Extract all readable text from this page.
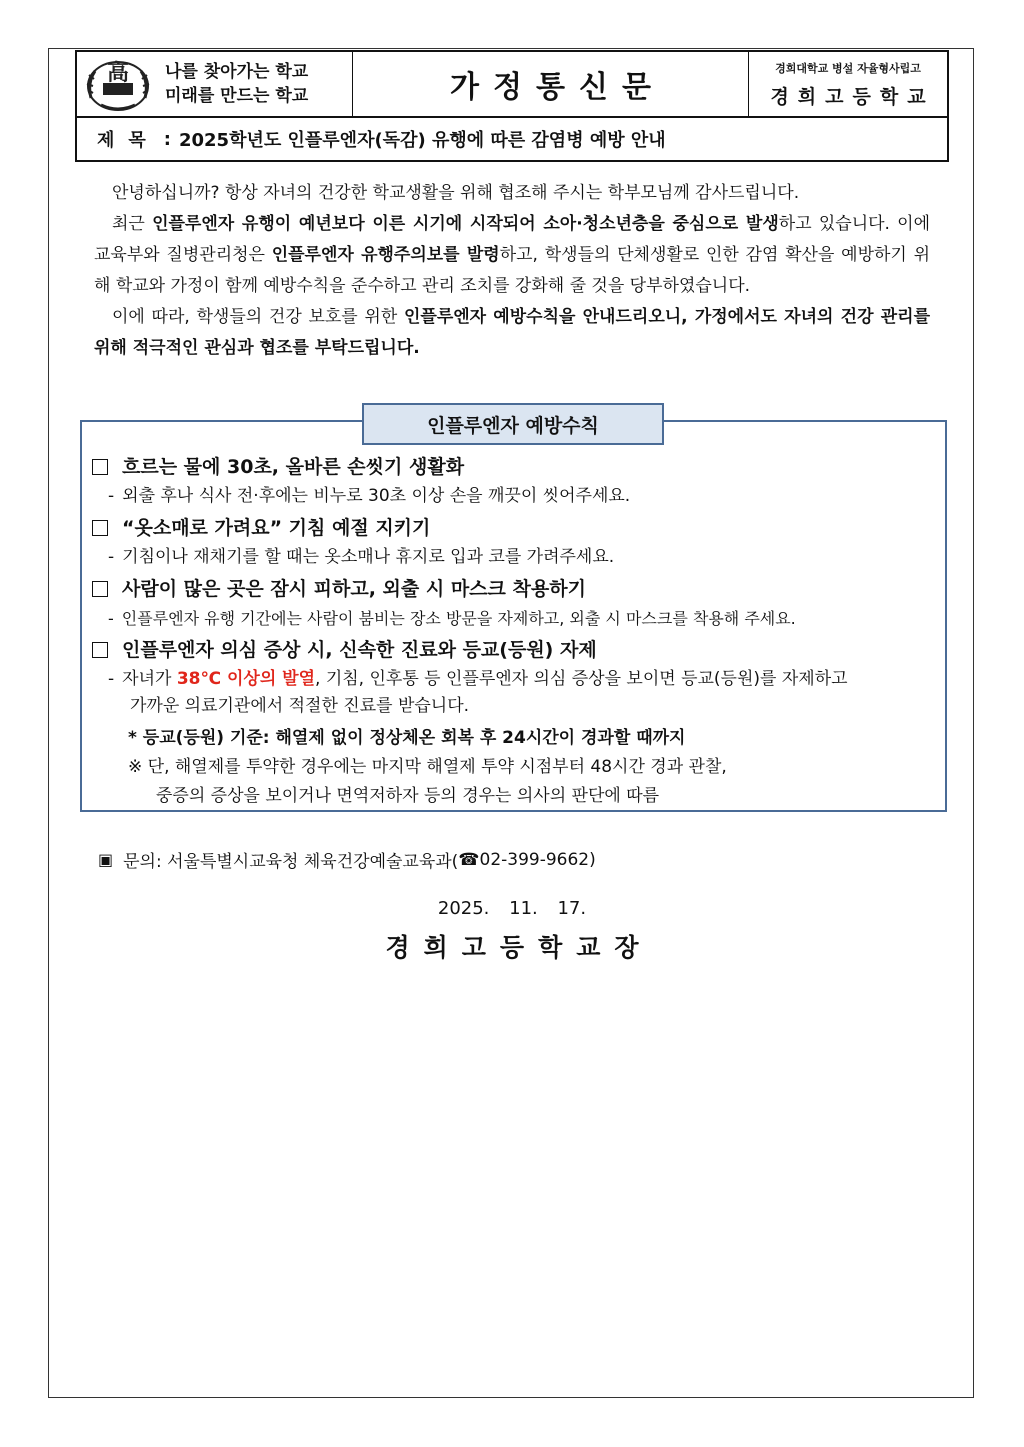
高 나를 찾아가는 학교
미래를 만드는 학교	가정통신문
경희대학교 병설 자율형사립고
경희고등학교
제목 : 2025학년도 인플루엔자(독감) 유행에 따른 감염병 예방 안내

안녕하십니까? 항상 자녀의 건강한 학교생활을 위해 협조해 주시는 학부모님께 감사드립니다.

최근 인플루엔자 유행이 예년보다 이른 시기에 시작되어 소아·청소년층을 중심으로 발생하고 있습니다. 이에 교육부와 질병관리청은 인플루엔자 유행주의보를 발령하고, 학생들의 단체생활로 인한 감염 확산을 예방하기 위해 학교와 가정이 함께 예방수칙을 준수하고 관리 조치를 강화해 줄 것을 당부하였습니다.

이에 따라, 학생들의 건강 보호를 위한 인플루엔자 예방수칙을 안내드리오니, 가정에서도 자녀의 건강 관리를 위해 적극적인 관심과 협조를 부탁드립니다.

인플루엔자 예방수칙
흐르는 물에 30초, 올바른 손씻기 생활화
- 외출 후나 식사 전·후에는 비누로 30초 이상 손을 깨끗이 씻어주세요.
“옷소매로 가려요” 기침 예절 지키기
- 기침이나 재채기를 할 때는 옷소매나 휴지로 입과 코를 가려주세요.
사람이 많은 곳은 잠시 피하고, 외출 시 마스크 착용하기
- 인플루엔자 유행 기간에는 사람이 붐비는 장소 방문을 자제하고, 외출 시 마스크를 착용해 주세요.
인플루엔자 의심 증상 시, 신속한 진료와 등교(등원) 자제
- 자녀가 38℃ 이상의 발열, 기침, 인후통 등 인플루엔자 의심 증상을 보이면 등교(등원)를 자제하고
가까운 의료기관에서 적절한 진료를 받습니다.
* 등교(등원) 기준: 해열제 없이 정상체온 회복 후 24시간이 경과할 때까지
※ 단, 해열제를 투약한 경우에는 마지막 해열제 투약 시점부터 48시간 경과 관찰,
중증의 증상을 보이거나 면역저하자 등의 경우는 의사의 판단에 따름
▣ 문의: 서울특별시교육청 체육건강예술교육과( ☎ 02-399-9662)
2025. 11. 17.
경희고등학교장
